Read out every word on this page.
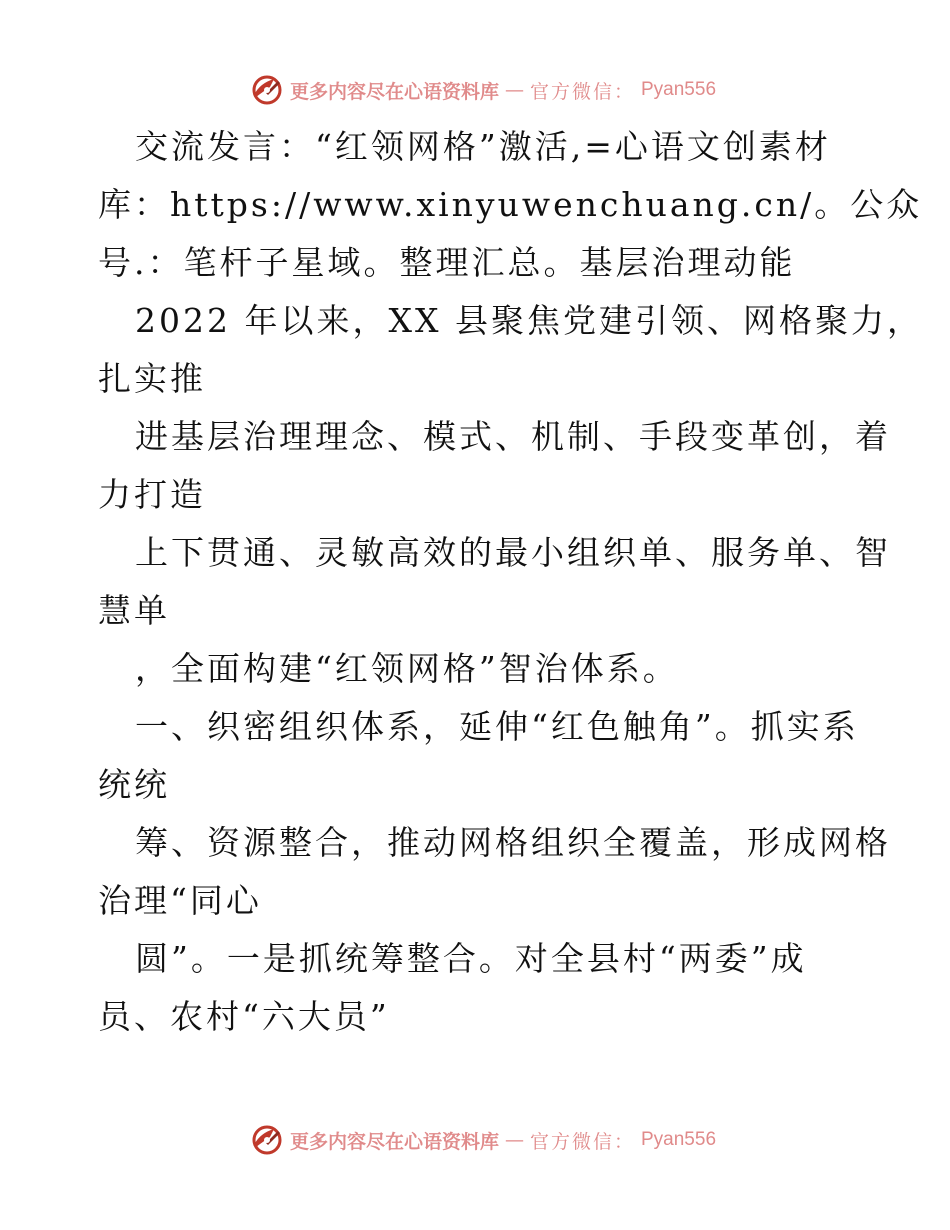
更多内容尽在心语资料库 — 官方微信： Pyan556
交流发言：“红领网格”激活,=心语文创素材
库：https://www.xinyuwenchuang.cn/。公众
号.：笔杆子星域。整理汇总。基层治理动能
2022 年以来，XX 县聚焦党建引领、网格聚力，
扎实推
进基层治理理念、模式、机制、手段变革创，着
力打造
上下贯通、灵敏高效的最小组织单、服务单、智
慧单
，全面构建“红领网格”智治体系。
一、织密组织体系，延伸“红色触角”。抓实系
统统
筹、资源整合，推动网格组织全覆盖，形成网格
治理“同心
圆”。一是抓统筹整合。对全县村“两委”成
员、农村“六大员”
更多内容尽在心语资料库 — 官方微信： Pyan556
